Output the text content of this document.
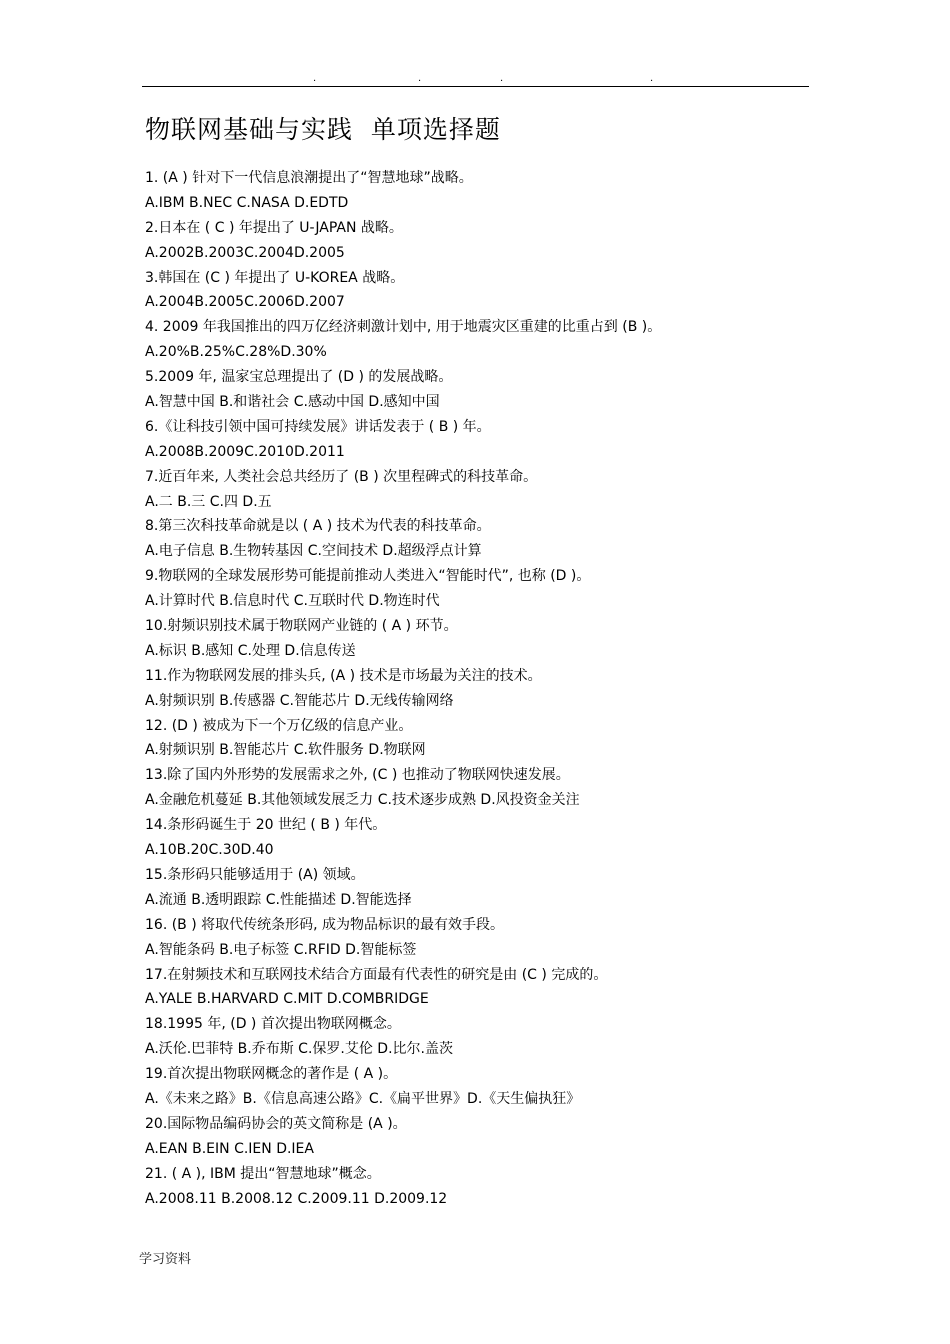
.	.	.	.
物联网基础与实践  单项选择题
1. (A ) 针对下一代信息浪潮提出了“智慧地球”战略。
A.IBM B.NEC C.NASA D.EDTD
2.日本在 ( C ) 年提出了 U-JAPAN 战略。
A.2002B.2003C.2004D.2005
3.韩国在 (C ) 年提出了 U-KOREA 战略。
A.2004B.2005C.2006D.2007
4. 2009 年我国推出的四万亿经济刺激计划中, 用于地震灾区重建的比重占到 (B )。
A.20%B.25%C.28%D.30%
5.2009 年, 温家宝总理提出了 (D ) 的发展战略。
A.智慧中国 B.和谐社会 C.感动中国 D.感知中国
6.《让科技引领中国可持续发展》讲话发表于 ( B ) 年。
A.2008B.2009C.2010D.2011
7.近百年来, 人类社会总共经历了 (B ) 次里程碑式的科技革命。
A.二 B.三 C.四 D.五
8.第三次科技革命就是以 ( A ) 技术为代表的科技革命。
A.电子信息 B.生物转基因 C.空间技术 D.超级浮点计算
9.物联网的全球发展形势可能提前推动人类进入“智能时代”, 也称 (D )。
A.计算时代 B.信息时代 C.互联时代 D.物连时代
10.射频识别技术属于物联网产业链的 ( A ) 环节。
A.标识 B.感知 C.处理 D.信息传送
11.作为物联网发展的排头兵, (A ) 技术是市场最为关注的技术。
A.射频识别 B.传感器 C.智能芯片 D.无线传输网络
12. (D ) 被成为下一个万亿级的信息产业。
A.射频识别 B.智能芯片 C.软件服务 D.物联网
13.除了国内外形势的发展需求之外, (C ) 也推动了物联网快速发展。
A.金融危机蔓延 B.其他领域发展乏力 C.技术逐步成熟 D.风投资金关注
14.条形码诞生于 20 世纪 ( B ) 年代。
A.10B.20C.30D.40
15.条形码只能够适用于 (A) 领域。
A.流通 B.透明跟踪 C.性能描述 D.智能选择
16. (B ) 将取代传统条形码, 成为物品标识的最有效手段。
A.智能条码 B.电子标签 C.RFID D.智能标签
17.在射频技术和互联网技术结合方面最有代表性的研究是由 (C ) 完成的。
A.YALE B.HARVARD C.MIT D.COMBRIDGE
18.1995 年, (D ) 首次提出物联网概念。
A.沃伦.巴菲特 B.乔布斯 C.保罗.艾伦 D.比尔.盖茨
19.首次提出物联网概念的著作是 ( A )。
A.《未来之路》B.《信息高速公路》C.《扁平世界》D.《天生偏执狂》
20.国际物品编码协会的英文简称是 (A )。
A.EAN B.EIN C.IEN D.IEA
21. ( A ), IBM 提出“智慧地球”概念。
A.2008.11 B.2008.12 C.2009.11 D.2009.12
学习资料
